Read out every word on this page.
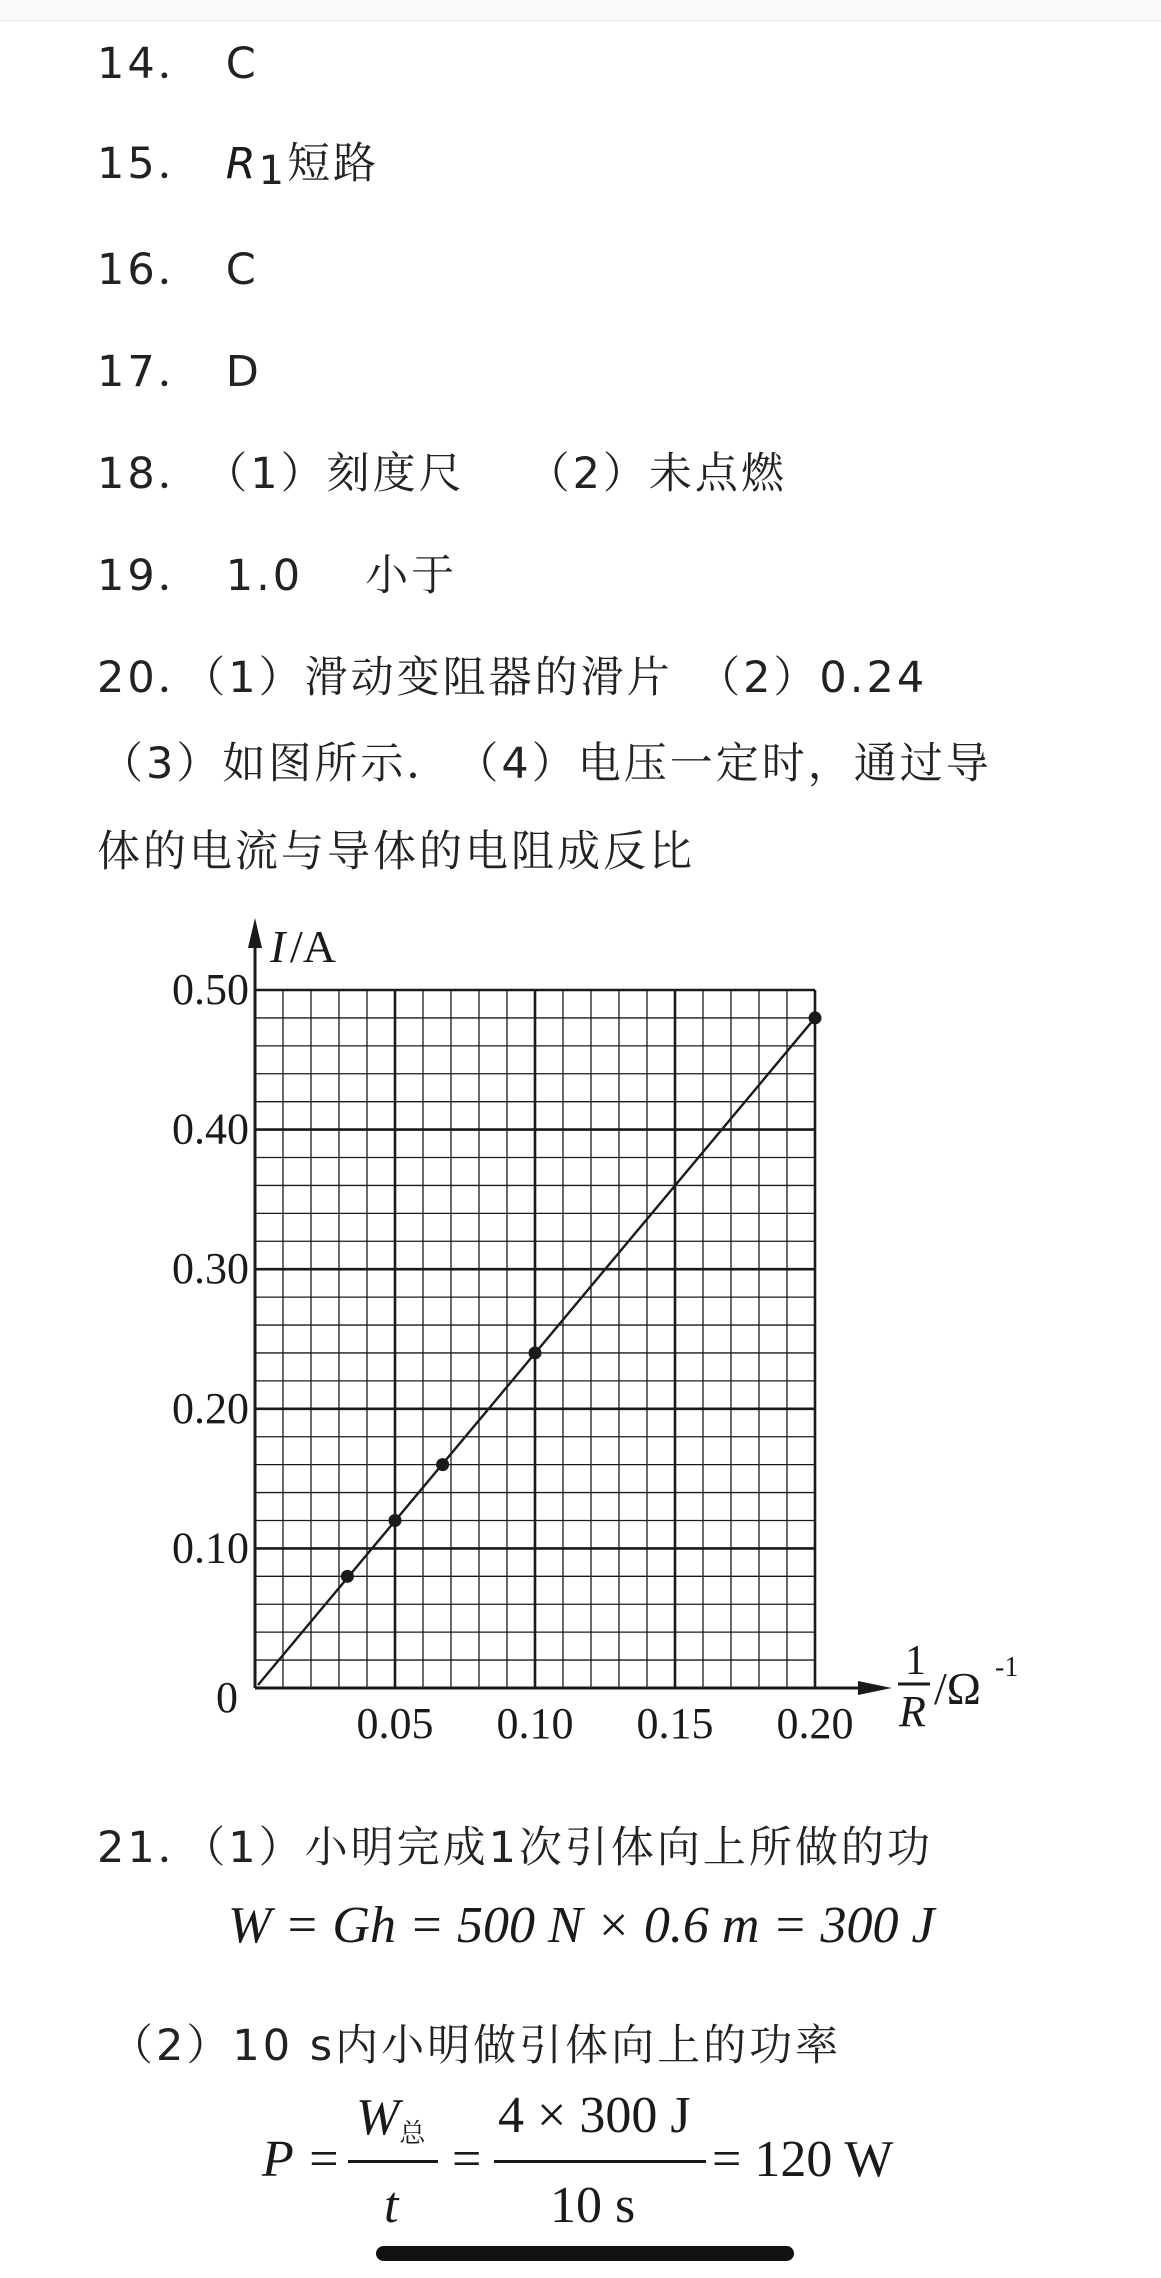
14． C
15． R1短路
16． C
17． D
18． （1）刻度尺 （2）未点燃
19． 1.0 小于
20．（1）滑动变阻器的滑片　（2）0.24
（3）如图所示．　（4）电压一定时，通过导
体的电流与导体的电阻成反比
0.05 0.10 0.15 0.20
0.10
0.20
0.30
0.40
0.50
I /A
1
R /Ω -1
0
21．（1）小明完成1次引体向上所做的功
W = Gh = 500 N × 0.6 m = 300 J
（2）10 s内小明做引体向上的功率
P =
W总
t
=
4 × 300 J
10 s
= 120 W
